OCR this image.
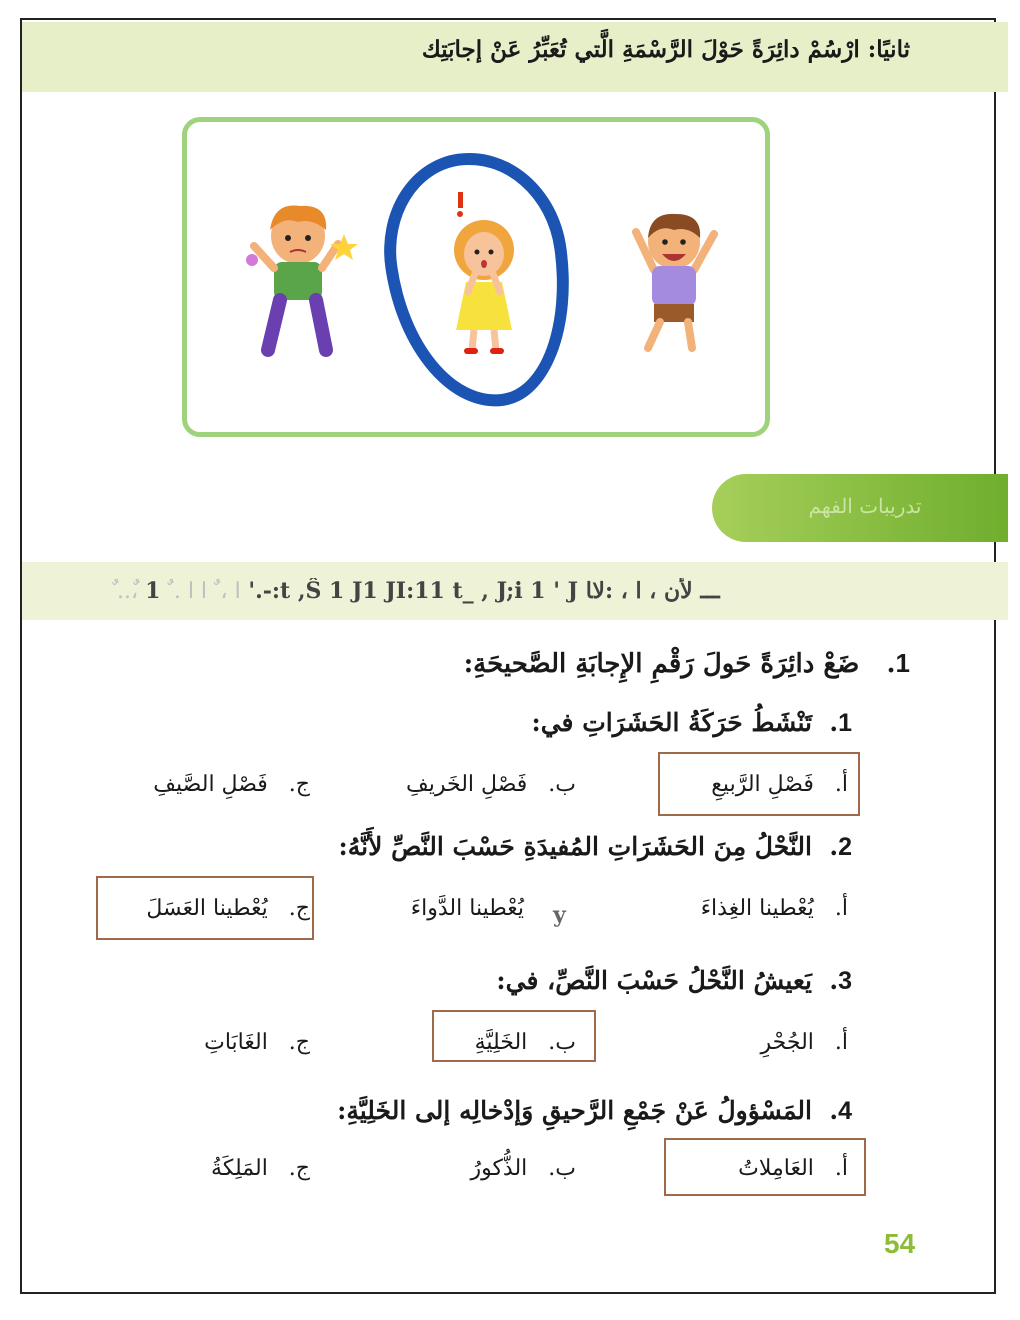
ثانيًا: ارْسُمْ دائِرَةً حَوْلَ الرَّسْمَةِ الَّتي تُعَبِّرُ عَنْ إجابَتِك
تدريبات الفهم
ٌ ..،ٌ ا ، ٌ ا ا . ٌ 1 '.-:t ,Ŝ 1 J1 JI:11 t_ , J;i 1 ' J ـــ لأن ، ا ، :ﻻﺎ
1.   ضَعْ دائِرَةً حَولَ رَقْمِ الإِجابَةِ الصَّحيحَةِ:
1.  تَنْشَطُ حَرَكَةُ الحَشَرَاتِ في:
أ.   فَصْلِ الرَّبيعِ
ب.   فَصْلِ الخَريفِ
ج.   فَصْلِ الصَّيفِ
2.  النَّحْلُ مِنَ الحَشَرَاتِ المُفيدَةِ حَسْبَ النَّصِّ لأَنَّهُ:
أ.   يُعْطينا الغِذاءَ
يُعْطينا الدَّواءَ y
ج.   يُعْطينا العَسَلَ
3.  يَعيشُ النَّحْلُ حَسْبَ النَّصِّ، في:
أ.   الجُحْرِ
ب.   الخَلِيَّةِ
ج.   الغَابَاتِ
4.  المَسْؤولُ عَنْ جَمْعِ الرَّحيقِ وَإدْخالِه إلى الخَلِيَّةِ:
أ.   العَامِلاتُ
ب.   الذُّكورُ
ج.   المَلِكَةُ
54
